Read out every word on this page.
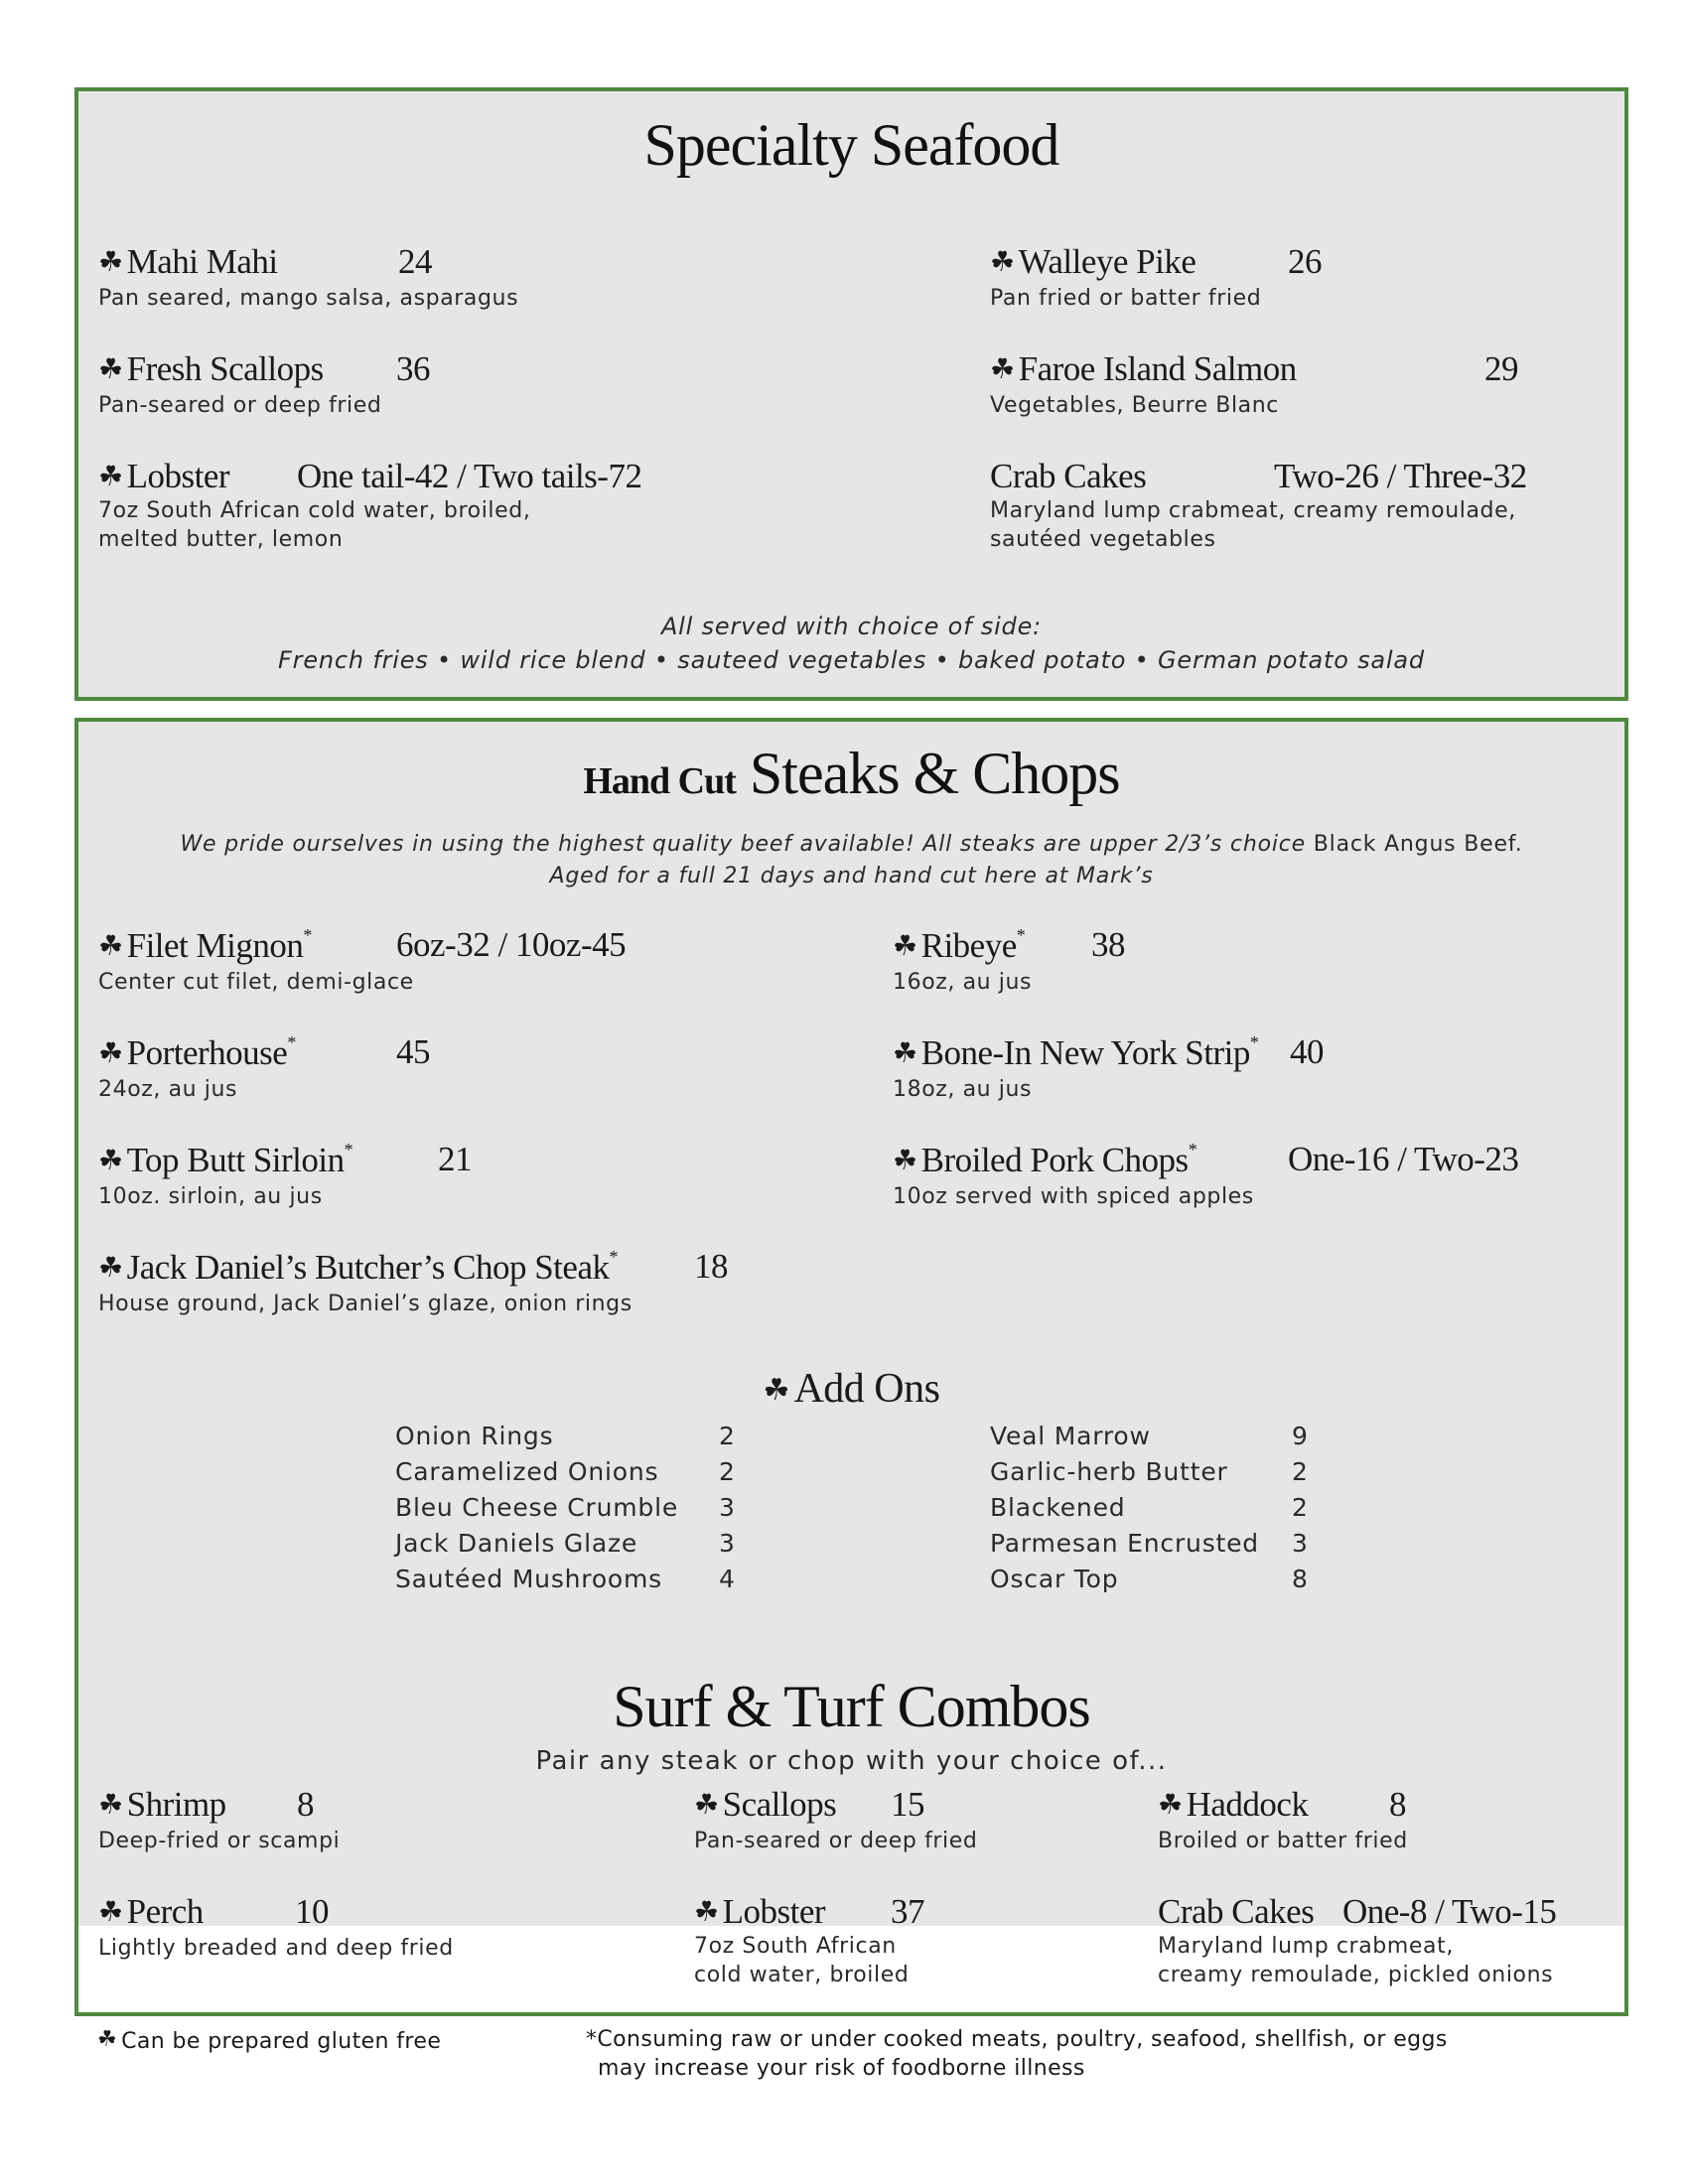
Specialty Seafood
☘ Mahi Mahi	24
Pan seared, mango salsa, asparagus
☘ Walleye Pike	26
Pan fried or batter fried
☘ Fresh Scallops	36
Pan-seared or deep fried
☘ Faroe Island Salmon	29
Vegetables, Beurre Blanc
☘ Lobster	One tail-42 / Two tails-72
7oz South African cold water, broiled,
melted butter, lemon
Crab Cakes	Two-26 / Three-32
Maryland lump crabmeat, creamy remoulade,
sautéed vegetables
All served with choice of side:
French fries • wild rice blend • sauteed vegetables • baked potato • German potato salad
Hand Cut Steaks & Chops
We pride ourselves in using the highest quality beef available! All steaks are upper 2/3’s choice Black Angus Beef.
Aged for a full 21 days and hand cut here at Mark’s
☘ Filet Mignon*	6oz-32 / 10oz-45
Center cut filet, demi-glace
☘ Ribeye* 38
16oz, au jus
☘ Porterhouse*	45
24oz, au jus
☘ Bone-In New York Strip* 40
18oz, au jus
☘ Top Butt Sirloin* 21
10oz. sirloin, au jus
☘ Broiled Pork Chops*	One-16 / Two-23
10oz served with spiced apples
☘ Jack Daniel’s Butcher’s Chop Steak*	18
House ground, Jack Daniel’s glaze, onion rings
☘Add Ons
Onion Rings	2
Caramelized Onions 2
Bleu Cheese Crumble 3
Jack Daniels Glaze	3
Sautéed Mushrooms 4
Veal Marrow	9
Garlic-herb Butter	2
Blackened	2
Parmesan Encrusted 3
Oscar Top	8
Surf & Turf Combos
Pair any steak or chop with your choice of...
☘ Shrimp	8
Deep-fried or scampi
☘ Scallops	15
Pan-seared or deep fried
☘ Haddock	8
Broiled or batter fried
☘ Perch	10
Lightly breaded and deep fried
☘ Lobster	37
7oz South African
cold water, broiled
Crab Cakes One-8 / Two-15
Maryland lump crabmeat,
creamy remoulade, pickled onions
☘ Can be prepared gluten free	*Consuming raw or under cooked meats, poultry, seafood, shellfish, or eggs
may increase your risk of foodborne illness
